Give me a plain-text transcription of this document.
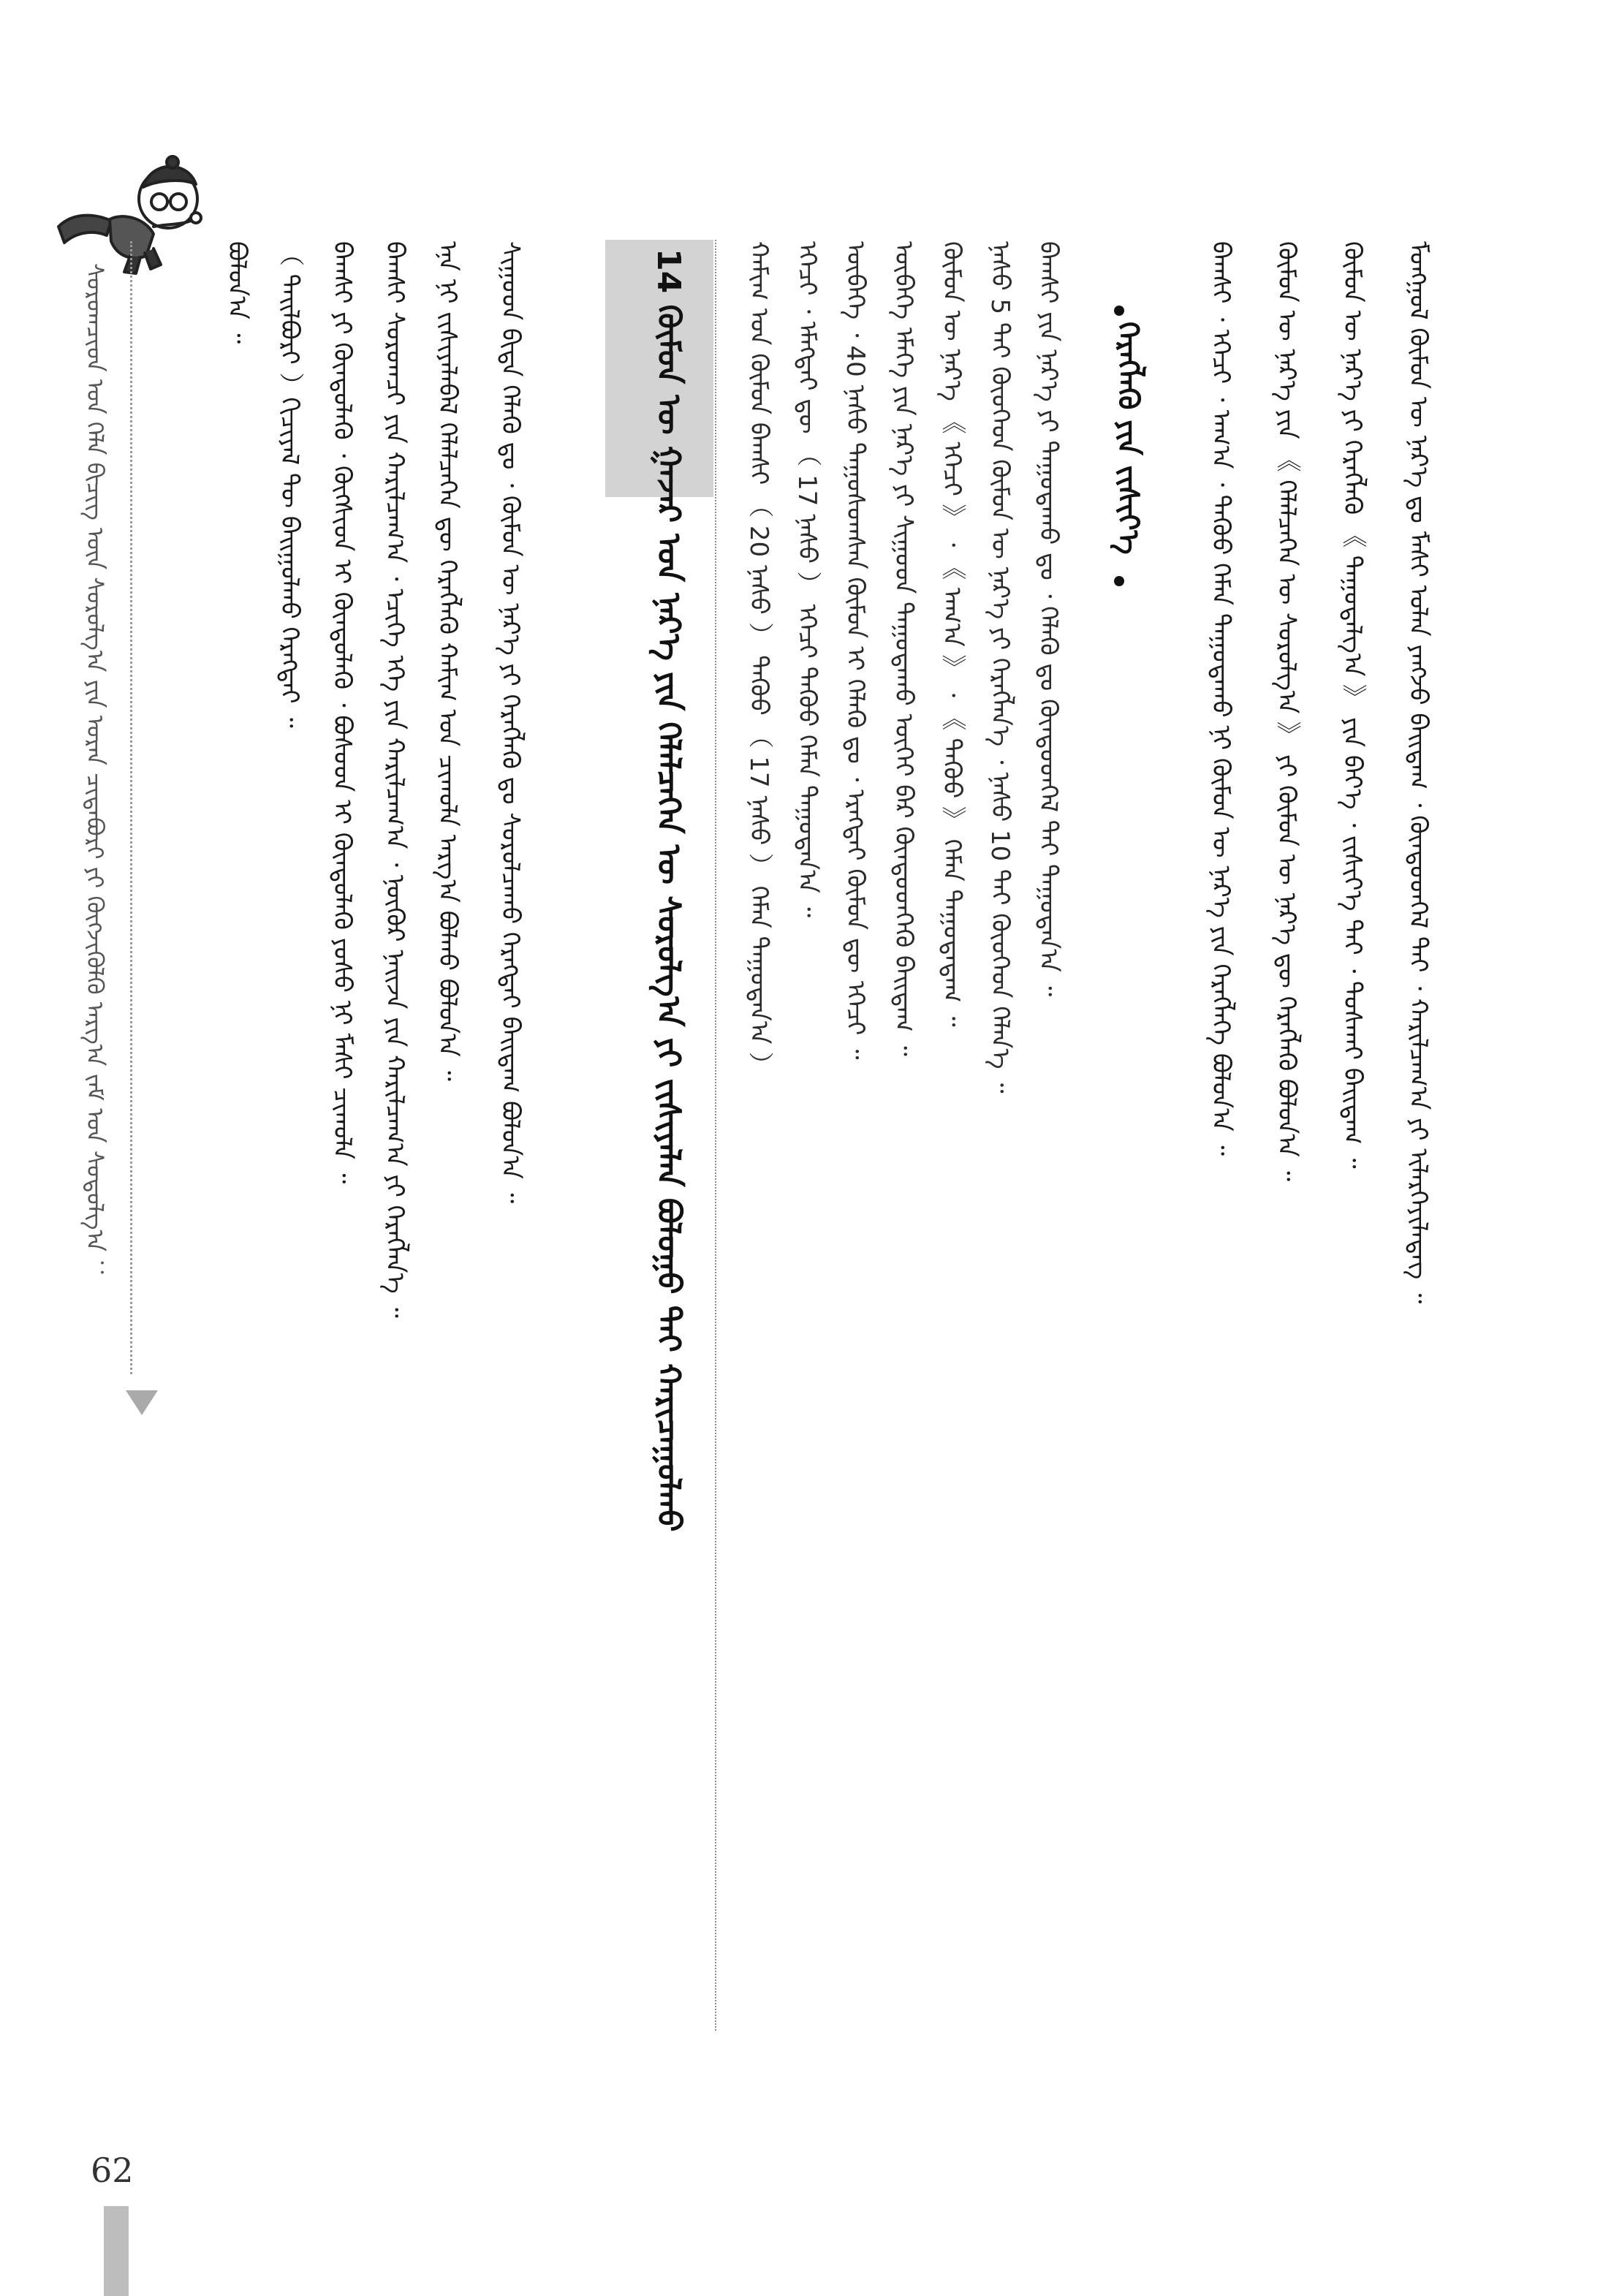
ᠰᠤᠷᠤᠭᠴᠢᠳ ᠤᠨ ᠬᠡᠯᠡ ᠪᠢᠴᠢᠭ ᠦᠨ ᠰᠤᠷᠤᠯᠭ᠎ᠠ ᠶᠢᠨ ᠤᠷᠠᠨ ᠴᠢᠳᠠᠪᠤᠷᠢ ᠶᠢ ᠬᠥᠭᠵᠢᠭᠦᠯᠬᠦ ᠠᠷᠭ᠎ᠠ ᠵᠠᠮ ᠤᠨ ᠰᠤᠳᠤᠯᠭ᠎ᠠ ：
62
ᠪᠤᠯᠤᠨ᠎ᠠ ᠃ （ ᠲᠠᠢᠯᠪᠤᠷᠢ ）ᠬᠢᠴᠢᠶᠡᠯ ᠲᠦ ᠪᠠᠢᠭᠤᠯᠬᠤ ᠬᠡᠷᠡᠭᠲᠡᠢ ᠃ ᠪᠠᠭᠰᠢ ᠶᠢ ᠬᠦᠨᠳᠦᠯᠡᠬᠦ ᠂ ᠬᠥᠭᠰᠢᠳ ᠢ ᠬᠦᠨᠳᠦᠯᠡᠬᠦ ᠂ ᠪᠤᠰᠤᠳ ᠢ ᠬᠦᠨᠳᠦᠯᠡᠬᠦ ᠶᠤᠰᠤ ᠨᠢ ᠮᠠᠰᠢ ᠴᠢᠬᠤᠯᠠ ᠃ ᠪᠠᠭᠰᠢ ᠰᠤᠷᠤᠭᠴᠢ ᠶᠢᠨ ᠬᠠᠷᠢᠯᠴᠠᠭ᠎ᠠ ᠂ ᠡᠴᠢᠭᠡ ᠡᠬᠡ ᠶᠢᠨ ᠬᠠᠷᠢᠯᠴᠠᠭ᠎ᠠ ᠂ ᠨᠥᠬᠥᠷ ᠨᠠᠢᠵᠠ ᠶᠢᠨ ᠬᠠᠷᠢᠯᠴᠠᠭ᠎ᠠ ᠶᠢ ᠬᠡᠷᠡᠭᠯᠡᠨ᠎ᠡ ᠃ ᠡᠨᠡ ᠨᠢ ᠵᠢᠱᠢᠶᠡᠯᠡᠪᠡᠯ ᠬᠡᠯᠡᠯᠴᠡᠭᠡᠨ ᠳᠦ ᠬᠡᠷᠡᠭᠯᠡᠬᠦ ᠬᠠᠮᠢᠭ ᠤᠨ ᠴᠢᠬᠤᠯᠠ ᠠᠷᠭ᠎ᠠ ᠪᠣᠯᠬᠤ ᠪᠣᠯᠤᠨ᠎ᠠ ᠃ ᠰᠢᠭᠤᠳ ᠪᠢᠳᠡ ᠬᠡᠯᠡᠬᠦ ᠳᠤ ᠂ ᠬᠦᠮᠦᠨ ᠦ ᠨᠡᠷ᠎ᠡ ᠶᠢ ᠬᠡᠷᠡᠭᠯᠡᠬᠦ ᠳᠤ ᠰᠤᠷᠤᠯᠴᠠᠬᠤ ᠬᠡᠷᠡᠭᠲᠡᠢ ᠪᠠᠢᠳᠠᠭ ᠪᠤᠯᠤᠨ᠎ᠠ ᠃	14 ᠬᠦᠮᠦᠨ ᠦ ᠭᠠᠵᠠᠷ ᠤᠨ ᠨᠡᠷ᠎ᠡ ᠶᠢᠨ ᠬᠡᠯᠡᠯᠴᠡᠭᠡᠨ ᠦ ᠰᠤᠷᠤᠯᠭ᠎ᠠ ᠶᠢ ᠵᠢᠱᠢᠶᠡᠯᠡᠨ ᠪᠤᠯᠤᠭᠤ ᠲᠠᠢ ᠬᠠᠷᠢᠴᠠᠭᠤᠯᠬᠤ	ᠬᠠᠮᠢᠭ ᠤᠨ ᠬᠦᠮᠦᠨ ᠪᠠᠭᠰᠢ （ 20 ᠨᠠᠰᠤ ） ᠳᠡᠭᠦᠦ （ 17 ᠨᠠᠰᠤ ） ᠬᠡᠮᠡᠨ ᠳᠠᠭᠤᠳᠠᠨ᠎ᠠ ） ᠡᠭᠡᠴᠢ ᠂ ᠡᠮᠡᠭᠲᠡᠢ ᠳᠦ （ 17 ᠨᠠᠰᠤ ） ᠡᠭᠡᠴᠢ ᠳᠡᠭᠦᠦ ᠬᠡᠮᠡᠨ ᠳᠠᠭᠤᠳᠠᠨ᠎ᠠ ᠃ ᠥᠪᠡᠭᠡ ᠂ 40 ᠨᠠᠰᠤ ᠳᠠᠭᠤᠰᠤᠭᠰᠠᠨ ᠬᠦᠮᠦᠨ ᠢ ᠬᠡᠯᠡᠬᠦ ᠳᠤ ᠂ ᠡᠷᠡᠭᠲᠡᠢ ᠬᠦᠮᠦᠨ ᠳᠦ ᠡᠭᠡᠴᠢ ᠃ ᠥᠪᠡᠭᠡ ᠡᠮᠡᠭᠡ ᠶᠢᠨ ᠨᠡᠷ᠎ᠡ ᠶᠢ ᠰᠢᠭᠤᠳ ᠳᠠᠭᠤᠳᠠᠬᠤ ᠦᠭᠡᠢ ᠪᠡᠷ ᠬᠦᠨᠳᠦᠳᠬᠡᠬᠦ ᠪᠠᠢᠳᠠᠭ ᠃ ᠬᠦᠮᠦᠨ ᠦ ᠨᠡᠷ᠎ᠡ 《 ᠡᠭᠡᠴᠢ 》 ᠂ 《 ᠠᠬ᠎ᠠ 》 ᠂ 《 ᠳᠡᠭᠦᠦ 》 ᠬᠡᠮᠡᠨ ᠳᠠᠭᠤᠳᠠᠳᠠᠭ ᠃ ᠨᠠᠰᠤ 5 ᠲᠠᠢ ᠬᠦᠦᠬᠡᠳ ᠬᠦᠮᠦᠨ ᠦ ᠨᠡᠷ᠎ᠡ ᠶᠢ ᠬᠡᠷᠡᠭᠯᠡᠨ᠎ᠡ ᠂ ᠨᠠᠰᠤ 10 ᠲᠠᠢ ᠬᠦᠦᠬᠡᠳ ᠬᠡᠯᠡᠨ᠎ᠡ ᠃ ᠪᠠᠭᠰᠢ ᠶᠢᠨ ᠨᠡᠷ᠎ᠡ ᠶᠢ ᠳᠠᠭᠤᠳᠠᠬᠤ ᠳᠤ ᠂ ᠬᠡᠯᠡᠬᠦ ᠳᠤ ᠬᠦᠨᠳᠦᠳᠬᠡᠯ ᠲᠡᠢ ᠳᠠᠭᠤᠳᠠᠨ᠎ᠠ ᠃	ᠬᠡᠷᠡᠭᠯᠡᠬᠦ ᠶᠢᠨ ᠵᠢᠱᠢᠶ᠎ᠡ	ᠪᠠᠭᠰᠢ ᠂ ᠡᠭᠡᠴᠢ ᠂ ᠠᠬ᠎ᠠ ᠂ ᠳᠡᠭᠦᠦ ᠬᠡᠮᠡᠨ ᠳᠠᠭᠤᠳᠠᠬᠤ ᠨᠢ ᠬᠦᠮᠦᠨ ᠦ ᠨᠡᠷ᠎ᠡ ᠶᠢᠨ ᠬᠡᠷᠡᠭᠯᠡᠭᠡ ᠪᠣᠯᠤᠨ᠎ᠠ ᠃ ᠬᠦᠮᠦᠨ ᠦ ᠨᠡᠷ᠎ᠡ ᠶᠢᠨ 《 ᠬᠡᠯᠡᠯᠴᠡᠭᠡᠨ ᠦ ᠰᠤᠷᠤᠯᠭ᠎ᠠ 》 ᠶᠢ ᠬᠦᠮᠦᠨ ᠦ ᠨᠡᠷ᠎ᠡ ᠳᠦ ᠬᠡᠷᠡᠭᠯᠡᠬᠦ ᠪᠣᠯᠤᠨ᠎ᠠ ᠃ ᠬᠦᠮᠦᠨ ᠦ ᠨᠡᠷ᠎ᠡ ᠶᠢ ᠬᠡᠷᠡᠭᠯᠡᠬᠦ 《 ᠳᠠᠭᠤᠳᠠᠯᠭ᠎ᠠ 》 ᠶᠢᠨ ᠪᠡᠶ᠎ᠡ ᠂ ᠵᠢᠱᠢᠶ᠎ᠡ ᠲᠠᠢ ᠂ ᠲᠤᠰᠬᠠᠢ ᠪᠠᠢᠳᠠᠭ ᠃ ᠮᠣᠩᠭᠣᠯ ᠬᠦᠮᠦᠨ ᠦ ᠨᠡᠷ᠎ᠡ ᠳᠤ ᠮᠠᠰᠢ ᠣᠯᠠᠨ ᠶᠠᠩᠵᠤ ᠪᠠᠢᠳᠠᠭ ᠂ ᠬᠦᠨᠳᠦᠳᠬᠡᠯ ᠲᠡᠢ ᠂ ᠬᠠᠷᠢᠯᠴᠠᠭ᠎ᠠ ᠶᠢ ᠢᠯᠡᠷᠬᠡᠶᠢᠯᠡᠳᠡᠭ ᠃
